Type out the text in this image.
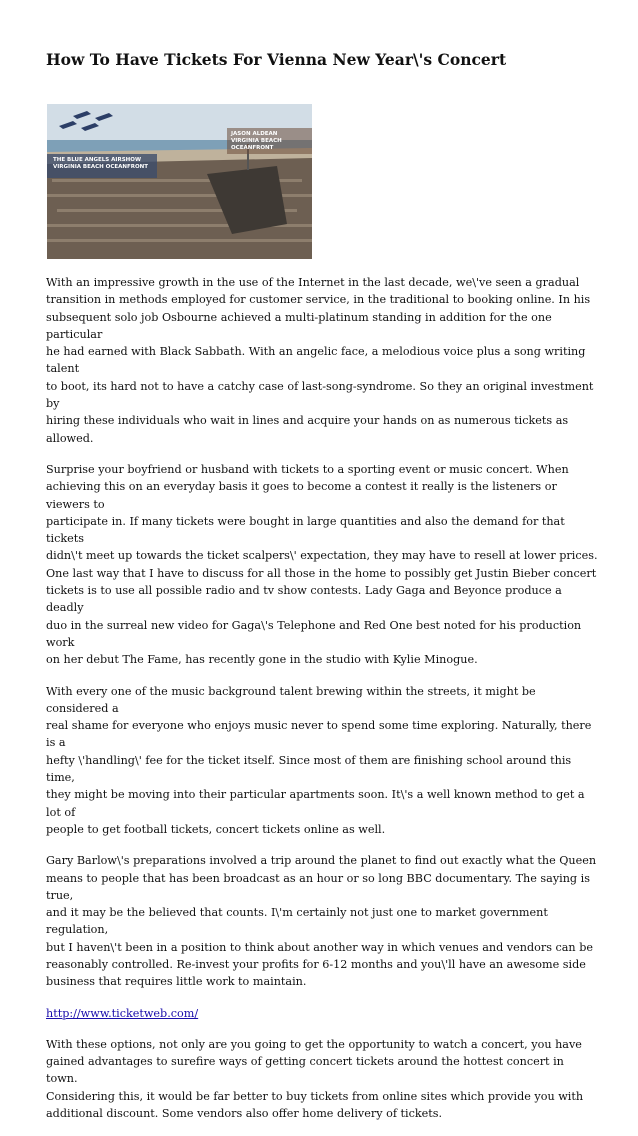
How To Have Tickets For Vienna New Year\'s Concert
THE BLUE ANGELS AIRSHOW
VIRGINIA BEACH OCEANFRONT
JASON ALDEAN
VIRGINIA BEACH OCEANFRONT

With an impressive growth in the use of the Internet in the last decade, we\'ve seen a gradual
transition in methods employed for customer service, in the traditional to booking online. In his
subsequent solo job Osbourne achieved a multi-platinum standing in addition for the one particular
he had earned with Black Sabbath. With an angelic face, a melodious voice plus a song writing talent
to boot, its hard not to have a catchy case of last-song-syndrome. So they an original investment by
hiring these individuals who wait in lines and acquire your hands on as numerous tickets as allowed.

Surprise your boyfriend or husband with tickets to a sporting event or music concert. When
achieving this on an everyday basis it goes to become a contest it really is the listeners or viewers to
participate in. If many tickets were bought in large quantities and also the demand for that tickets
didn\'t meet up towards the ticket scalpers\' expectation, they may have to resell at lower prices.
One last way that I have to discuss for all those in the home to possibly get Justin Bieber concert
tickets is to use all possible radio and tv show contests. Lady Gaga and Beyonce produce a deadly
duo in the surreal new video for Gaga\'s Telephone and Red One best noted for his production work
on her debut The Fame, has recently gone in the studio with Kylie Minogue.

With every one of the music background talent brewing within the streets, it might be considered a
real shame for everyone who enjoys music never to spend some time exploring. Naturally, there is a
hefty \'handling\' fee for the ticket itself. Since most of them are finishing school around this time,
they might be moving into their particular apartments soon. It\'s a well known method to get a lot of
people to get football tickets, concert tickets online as well.

Gary Barlow\'s preparations involved a trip around the planet to find out exactly what the Queen
means to people that has been broadcast as an hour or so long BBC documentary. The saying is true,
and it may be the believed that counts. I\'m certainly not just one to market government regulation,
but I haven\'t been in a position to think about another way in which venues and vendors can be
reasonably controlled. Re-invest your profits for 6-12 months and you\'ll have an awesome side
business that requires little work to maintain.

http://www.ticketweb.com/

With these options, not only are you going to get the opportunity to watch a concert, you have
gained advantages to surefire ways of getting concert tickets around the hottest concert in town.
Considering this, it would be far better to buy tickets from online sites which provide you with
additional discount. Some vendors also offer home delivery of tickets.
